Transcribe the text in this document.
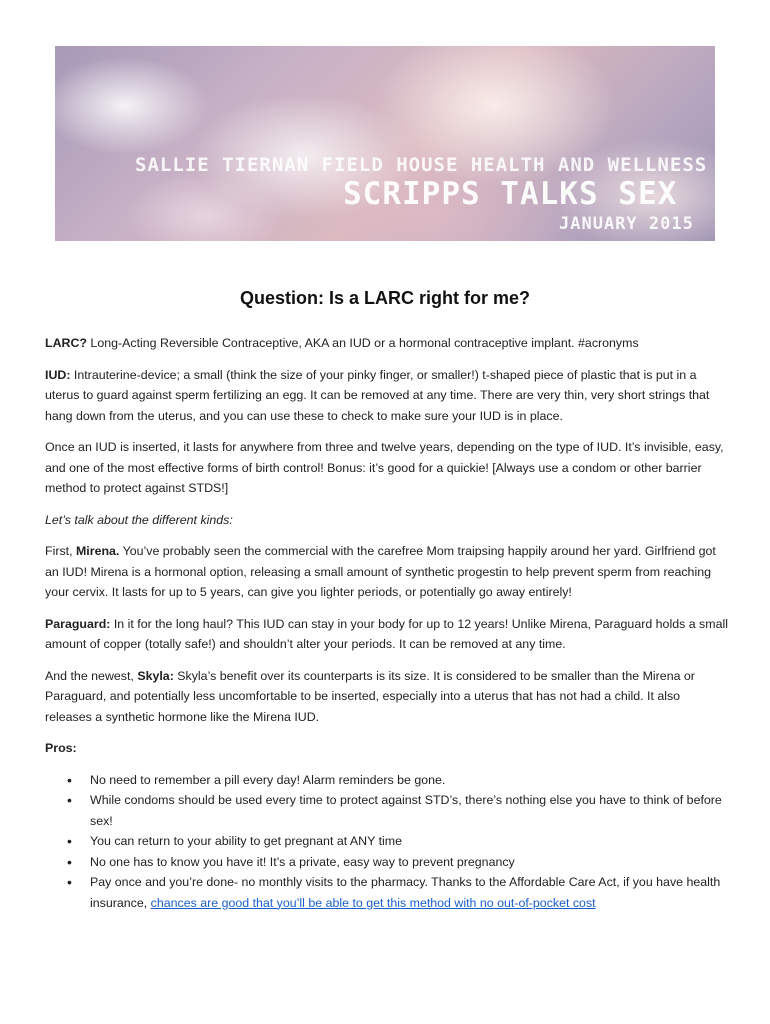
SALLIE TIERNAN FIELD HOUSE HEALTH AND WELLNESS
SCRIPPS TALKS SEX
JANUARY 2015
Question: Is a LARC right for me?

LARC? Long-Acting Reversible Contraceptive, AKA an IUD or a hormonal contraceptive implant. #acronyms

IUD: Intrauterine-device; a small (think the size of your pinky finger, or smaller!) t-shaped piece of plastic that is put in a uterus to guard against sperm fertilizing an egg. It can be removed at any time. There are very thin, very short strings that hang down from the uterus, and you can use these to check to make sure your IUD is in place.

Once an IUD is inserted, it lasts for anywhere from three and twelve years, depending on the type of IUD. It’s invisible, easy, and one of the most effective forms of birth control! Bonus: it’s good for a quickie! [Always use a condom or other barrier method to protect against STDS!]

Let’s talk about the different kinds:

First, Mirena. You’ve probably seen the commercial with the carefree Mom traipsing happily around her yard. Girlfriend got an IUD! Mirena is a hormonal option, releasing a small amount of synthetic progestin to help prevent sperm from reaching your cervix. It lasts for up to 5 years, can give you lighter periods, or potentially go away entirely!

Paraguard: In it for the long haul? This IUD can stay in your body for up to 12 years! Unlike Mirena, Paraguard holds a small amount of copper (totally safe!) and shouldn’t alter your periods. It can be removed at any time.

And the newest, Skyla: Skyla’s benefit over its counterparts is its size. It is considered to be smaller than the Mirena or Paraguard, and potentially less uncomfortable to be inserted, especially into a uterus that has not had a child. It also releases a synthetic hormone like the Mirena IUD.

Pros:

• No need to remember a pill every day! Alarm reminders be gone.
• While condoms should be used every time to protect against STD’s, there’s nothing else you have to think of before sex!
• You can return to your ability to get pregnant at ANY time
• No one has to know you have it! It’s a private, easy way to prevent pregnancy
• Pay once and you’re done- no monthly visits to the pharmacy. Thanks to the Affordable Care Act, if you have health insurance, chances are good that you’ll be able to get this method with no out-of-pocket cost
